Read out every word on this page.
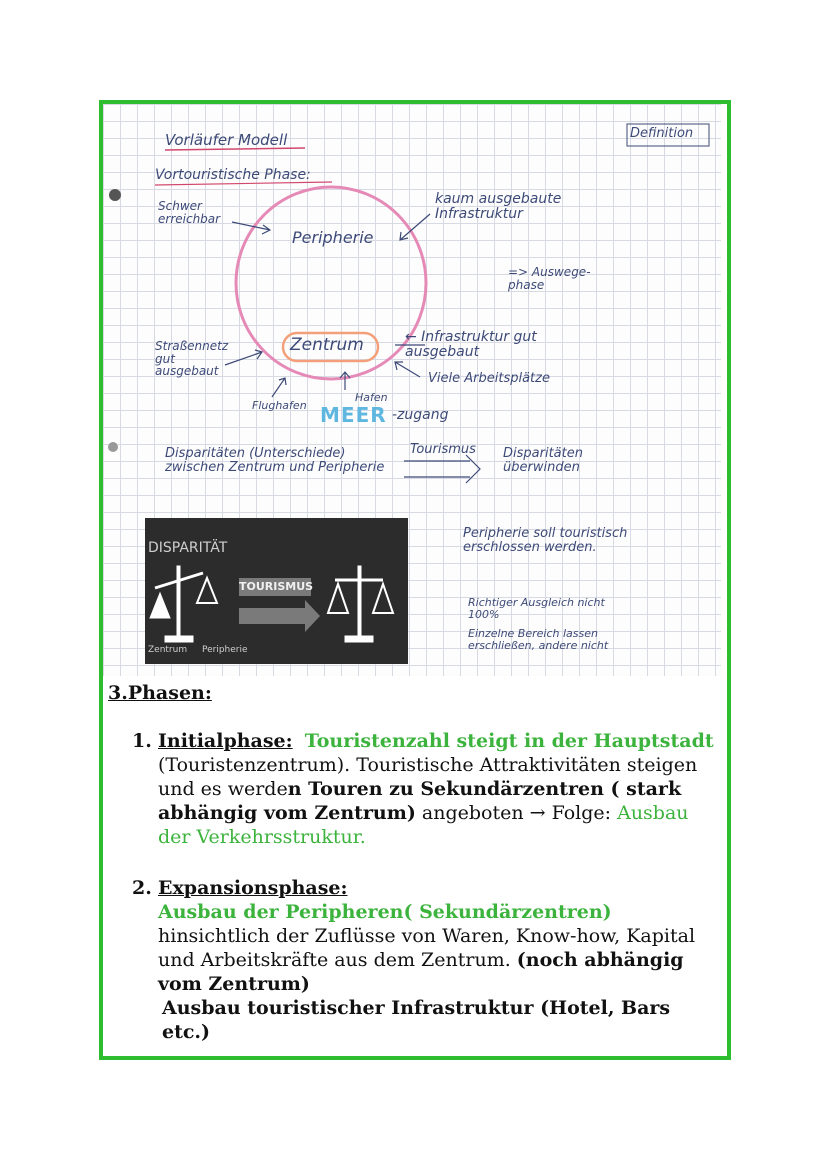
Vorläufer Modell	Definition
Vortouristische Phase:
Schwer erreichbar
kaum ausgebaute Infrastruktur
Peripherie
=> Auswege-phase
Straßennetz gut ausgebaut
Zentrum	← Infrastruktur gut ausgebaut
Viele Arbeitsplätze
Flughafen
Hafen
MEER -zugang
Disparitäten (Unterschiede) zwischen Zentrum und Peripherie
Tourismus Disparitäten überwinden
Peripherie soll touristisch erschlossen werden.
Richtiger Ausgleich nicht 100%
Einzelne Bereich lassen erschließen, andere nicht
DISPARITÄT
TOURISMUS
Zentrum Peripherie
3.Phasen:
1. Initialphase: Touristenzahl steigt in der Hauptstadt (Touristenzentrum). Touristische Attraktivitäten steigen und es werden Touren zu Sekundärzentren ( stark abhängig vom Zentrum) angeboten → Folge: Ausbau der Verkehrsstruktur.
2. Expansionsphase:
Ausbau der Peripheren( Sekundärzentren) hinsichtlich der Zuflüsse von Waren, Know-how, Kapital und Arbeitskräfte aus dem Zentrum. (noch abhängig vom Zentrum)
Ausbau touristischer Infrastruktur (Hotel, Bars etc.)
